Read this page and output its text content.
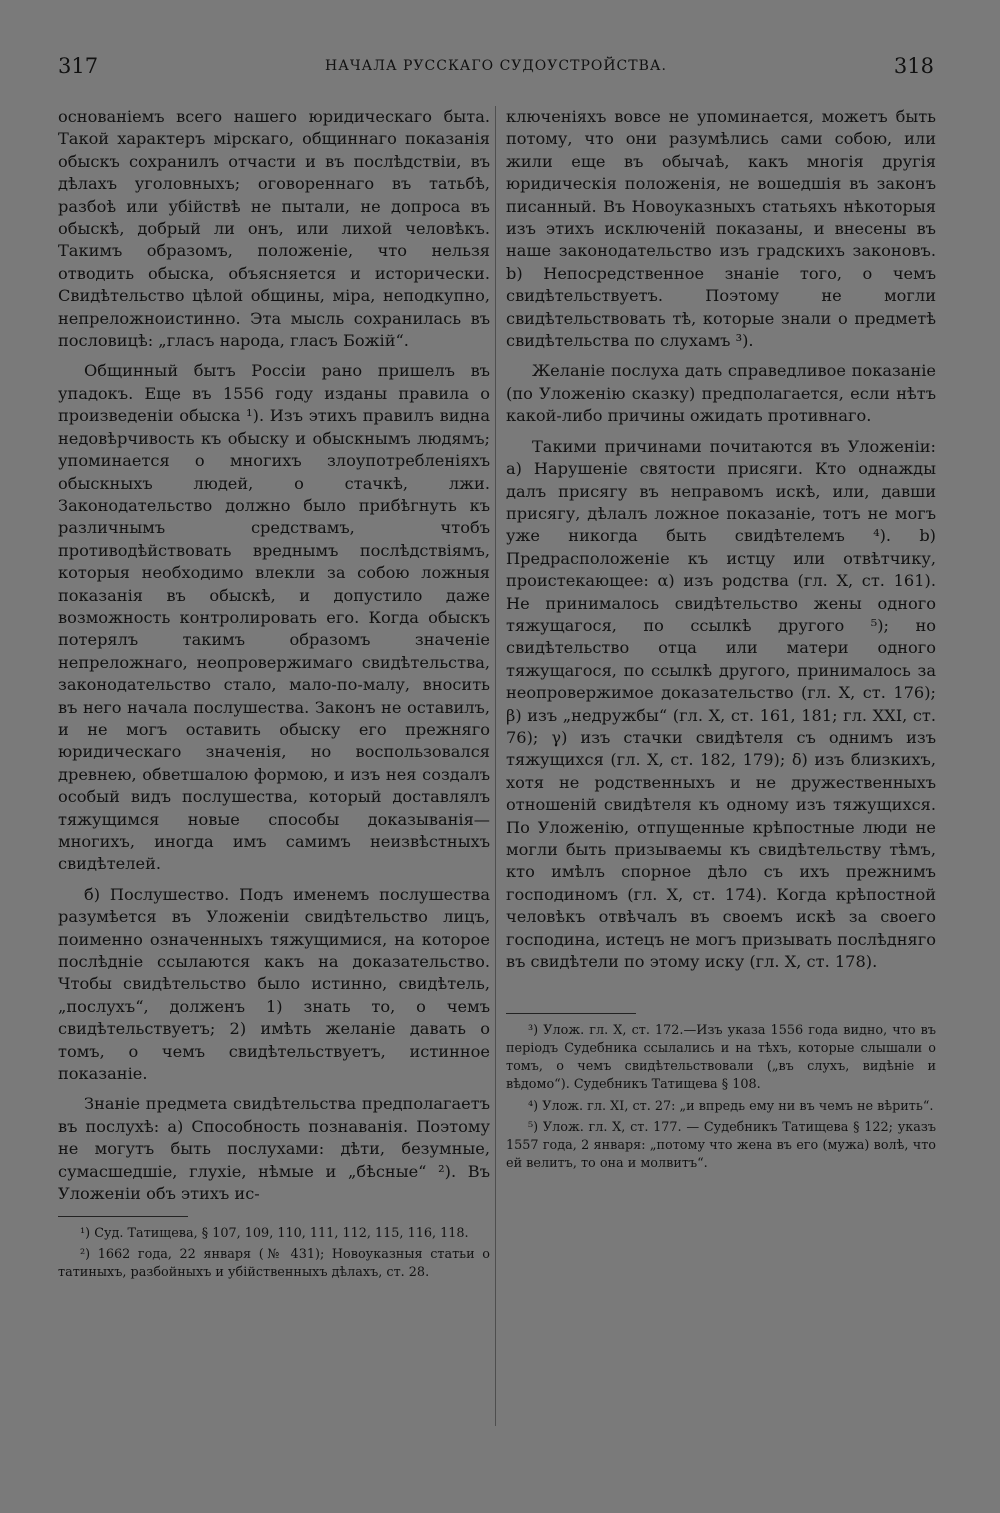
317	НАЧАЛА РУССКАГО СУДОУСТРОЙСТВА.	318

основаніемъ всего нашего юридическаго быта. Такой характеръ мірскаго, общиннаго показанія обыскъ сохранилъ отчасти и въ послѣдствіи, въ дѣлахъ уголовныхъ; оговореннаго въ татьбѣ, разбоѣ или убійствѣ не пытали, не допроса въ обыскѣ, добрый ли онъ, или лихой человѣкъ. Такимъ образомъ, положеніе, что нельзя отводить обыска, объясняется и исторически. Свидѣтельство цѣлой общины, міра, неподкупно, непреложноистинно. Эта мысль сохранилась въ пословицѣ: „гласъ народа, гласъ Божій“.

Общинный бытъ Россіи рано пришелъ въ упадокъ. Еще въ 1556 году изданы правила о произведеніи обыска ¹). Изъ этихъ правилъ видна недовѣрчивость къ обыску и обыскнымъ людямъ; упоминается о многихъ злоупотребленіяхъ обыскныхъ людей, о стачкѣ, лжи. Законодательство должно было прибѣгнуть къ различнымъ средствамъ, чтобъ противодѣйствовать вреднымъ послѣдствіямъ, которыя необходимо влекли за собою ложныя показанія въ обыскѣ, и допустило даже возможность контролировать его. Когда обыскъ потерялъ такимъ образомъ значеніе непреложнаго, неопровержимаго свидѣтельства, законодательство стало, мало-по-малу, вносить въ него начала послушества. Законъ не оставилъ, и не могъ оставить обыску его прежняго юридическаго значенія, но воспользовался древнею, обветшалою формою, и изъ нея создалъ особый видъ послушества, который доставлялъ тяжущимся новые способы доказыванія—многихъ, иногда имъ самимъ неизвѣстныхъ свидѣтелей.

б) Послушество. Подъ именемъ послушества разумѣется въ Уложеніи свидѣтельство лицъ, поименно означенныхъ тяжущимися, на которое послѣдніе ссылаются какъ на доказательство. Чтобы свидѣтельство было истинно, свидѣтель, „послухъ“, долженъ 1) знать то, о чемъ свидѣтельствуетъ; 2) имѣть желаніе давать о томъ, о чемъ свидѣтельствуетъ, истинное показаніе.

Знаніе предмета свидѣтельства предполагаетъ въ послухѣ: а) Способность познаванія. Поэтому не могутъ быть послухами: дѣти, безумные, сумасшедшіе, глухіе, нѣмые и „бѣсные“ ²). Въ Уложеніи объ этихъ ис-

¹) Суд. Татищева, § 107, 109, 110, 111, 112, 115, 116, 118.

²) 1662 года, 22 января (№ 431); Новоуказныя статьи о татиныхъ, разбойныхъ и убійственныхъ дѣлахъ, ст. 28.

ключеніяхъ вовсе не упоминается, можетъ быть потому, что они разумѣлись сами собою, или жили еще въ обычаѣ, какъ многія другія юридическія положенія, не вошедшія въ законъ писанный. Въ Новоуказныхъ статьяхъ нѣкоторыя изъ этихъ исключеній показаны, и внесены въ наше законодательство изъ градскихъ законовъ. b) Непосредственное знаніе того, о чемъ свидѣтельствуетъ. Поэтому не могли свидѣтельствовать тѣ, которые знали о предметѣ свидѣтельства по слухамъ ³).

Желаніе послуха дать справедливое показаніе (по Уложенію сказку) предполагается, если нѣтъ какой-либо причины ожидать противнаго.

Такими причинами почитаются въ Уложеніи: а) Нарушеніе святости присяги. Кто однажды далъ присягу въ неправомъ искѣ, или, давши присягу, дѣлалъ ложное показаніе, тотъ не могъ уже никогда быть свидѣтелемъ ⁴). b) Предрасположеніе къ истцу или отвѣтчику, проистекающее: α) изъ родства (гл. X, ст. 161). Не принималось свидѣтельство жены одного тяжущагося, по ссылкѣ другого ⁵); но свидѣтельство отца или матери одного тяжущагося, по ссылкѣ другого, принималось за неопровержимое доказательство (гл. X, ст. 176); β) изъ „недружбы“ (гл. X, ст. 161, 181; гл. XXI, ст. 76); γ) изъ стачки свидѣтеля съ однимъ изъ тяжущихся (гл. X, ст. 182, 179); δ) изъ близкихъ, хотя не родственныхъ и не дружественныхъ отношеній свидѣтеля къ одному изъ тяжущихся. По Уложенію, отпущенные крѣпостные люди не могли быть призываемы къ свидѣтельству тѣмъ, кто имѣлъ спорное дѣло съ ихъ прежнимъ господиномъ (гл. X, ст. 174). Когда крѣпостной человѣкъ отвѣчалъ въ своемъ искѣ за своего господина, истецъ не могъ призывать послѣдняго въ свидѣтели по этому иску (гл. X, ст. 178).

³) Улож. гл. X, ст. 172.—Изъ указа 1556 года видно, что въ періодъ Судебника ссылались и на тѣхъ, которые слышали о томъ, о чемъ свидѣтельствовали („въ слухъ, видѣніе и вѣдомо“). Судебникъ Татищева § 108.

⁴) Улож. гл. XI, ст. 27: „и впредь ему ни въ чемъ не вѣрить“.

⁵) Улож. гл. X, ст. 177. — Судебникъ Татищева § 122; указъ 1557 года, 2 января: „потому что жена въ его (мужа) волѣ, что ей велитъ, то она и молвитъ“.
